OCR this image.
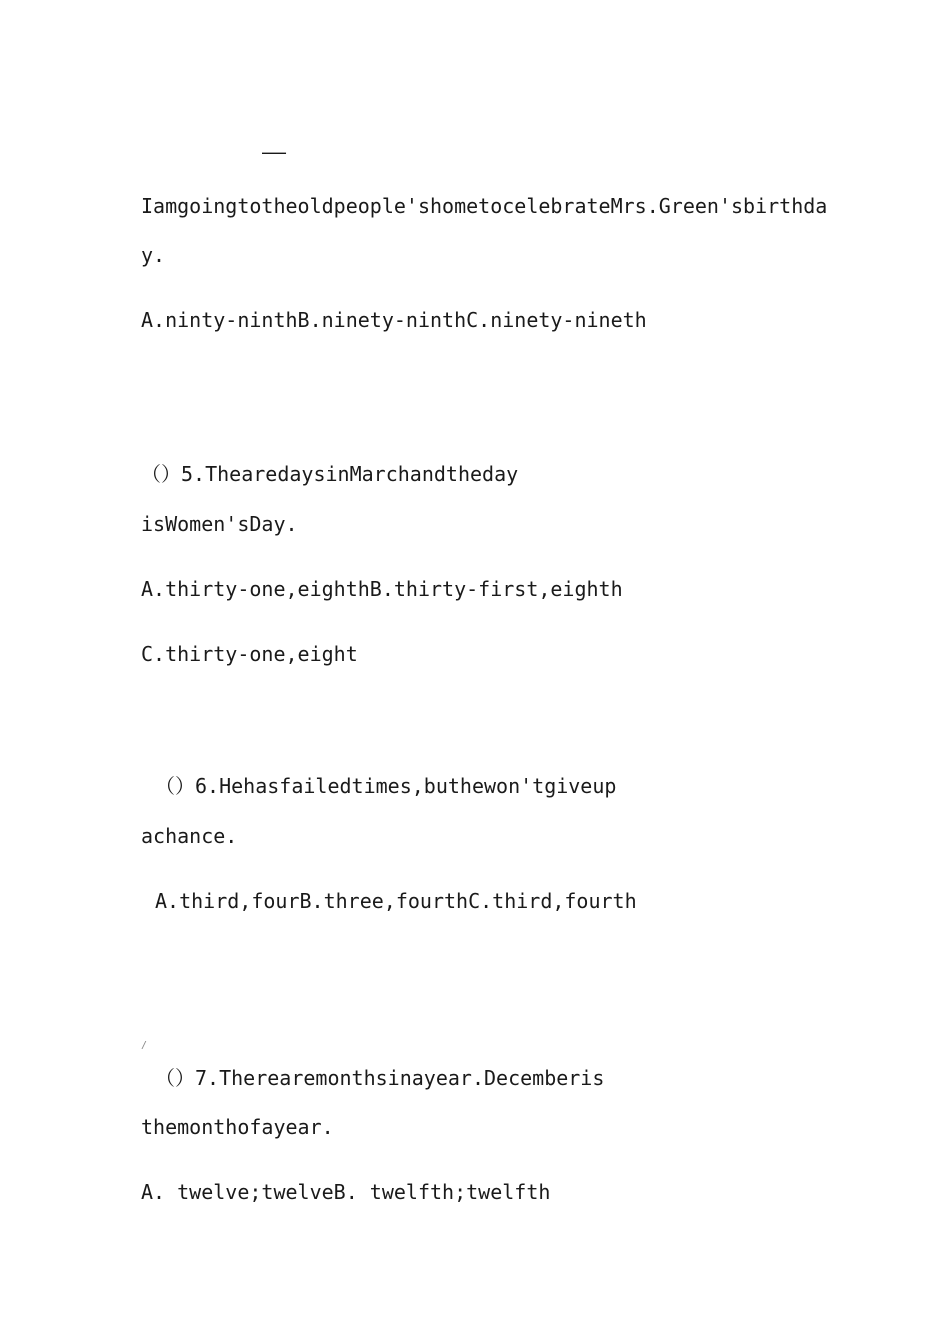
——
Iamgoingtotheoldpeople'shometocelebrateMrs.Green'sbirthda
y.
A.ninty-ninthB.ninety-ninthC.ninety-nineth
（）5.ThearedaysinMarchandtheday
isWomen'sDay.
A.thirty-one,eighthB.thirty-first,eighth
C.thirty-one,eight
（）6.Hehasfailedtimes,buthewon'tgiveup
achance.
A.third,fourB.three,fourthC.third,fourth
/
（）7.Therearemonthsinayear.Decemberis
themonthofayear.
A. twelve;twelveB. twelfth;twelfth
